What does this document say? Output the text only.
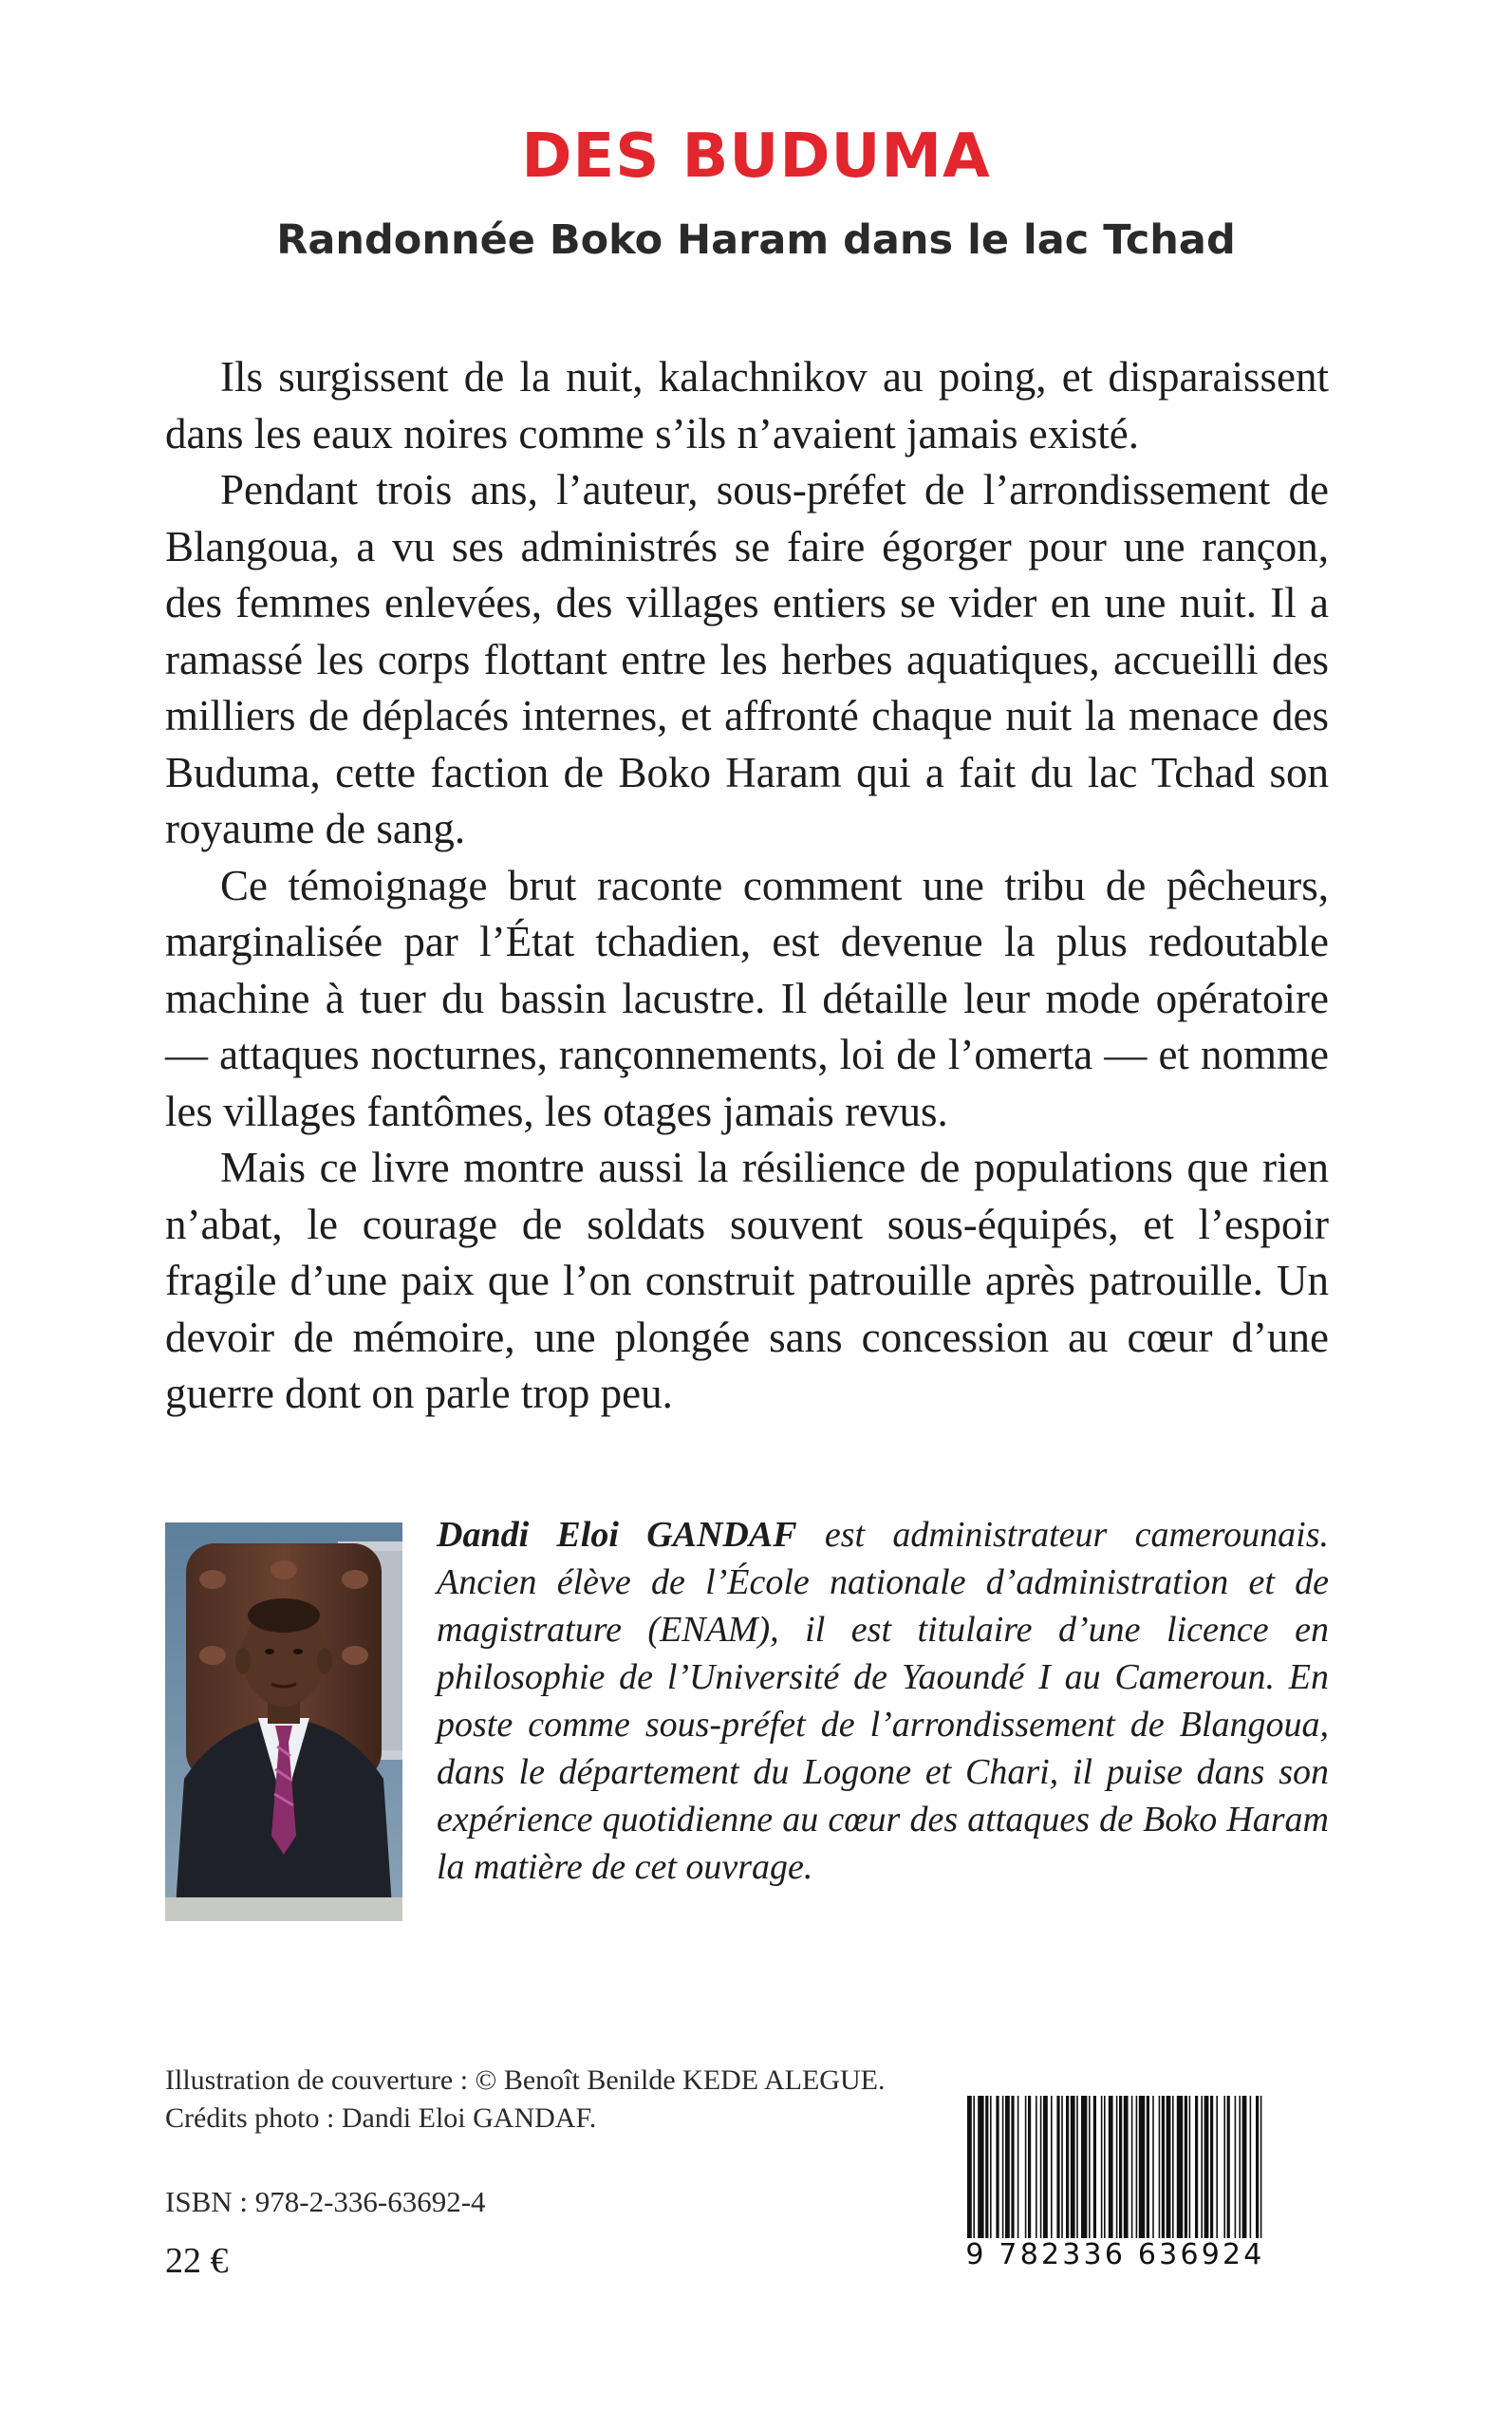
DES BUDUMA
Randonnée Boko Haram dans le lac Tchad

Ils surgissent de la nuit, kalachnikov au poing, et disparaissent dans les eaux noires comme s’ils n’avaient jamais existé.

Pendant trois ans, l’auteur, sous-préfet de l’arrondissement de Blangoua, a vu ses administrés se faire égorger pour une rançon, des femmes enlevées, des villages entiers se vider en une nuit. Il a ramassé les corps flottant entre les herbes aquatiques, accueilli des milliers de déplacés internes, et affronté chaque nuit la menace des Buduma, cette faction de Boko Haram qui a fait du lac Tchad son royaume de sang.

Ce témoignage brut raconte comment une tribu de pêcheurs, marginalisée par l’État tchadien, est devenue la plus redoutable machine à tuer du bassin lacustre. Il détaille leur mode opératoire — attaques nocturnes, rançonnements, loi de l’omerta — et nomme les villages fantômes, les otages jamais revus.

Mais ce livre montre aussi la résilience de populations que rien n’abat, le courage de soldats souvent sous-équipés, et l’espoir fragile d’une paix que l’on construit patrouille après patrouille. Un devoir de mémoire, une plongée sans concession au cœur d’une guerre dont on parle trop peu.

Dandi Eloi GANDAF est administrateur camerounais. Ancien élève de l’École nationale d’administration et de magistrature (ENAM), il est titulaire d’une licence en philosophie de l’Université de Yaoundé I au Cameroun. En poste comme sous-préfet de l’arrondissement de Blangoua, dans le département du Logone et Chari, il puise dans son expérience quotidienne au cœur des attaques de Boko Haram la matière de cet ouvrage.

Illustration de couverture : © Benoît Benilde KEDE ALEGUE.
Crédits photo : Dandi Eloi GANDAF.
ISBN : 978-2-336-63692-4
22 €	9 782336 636924
